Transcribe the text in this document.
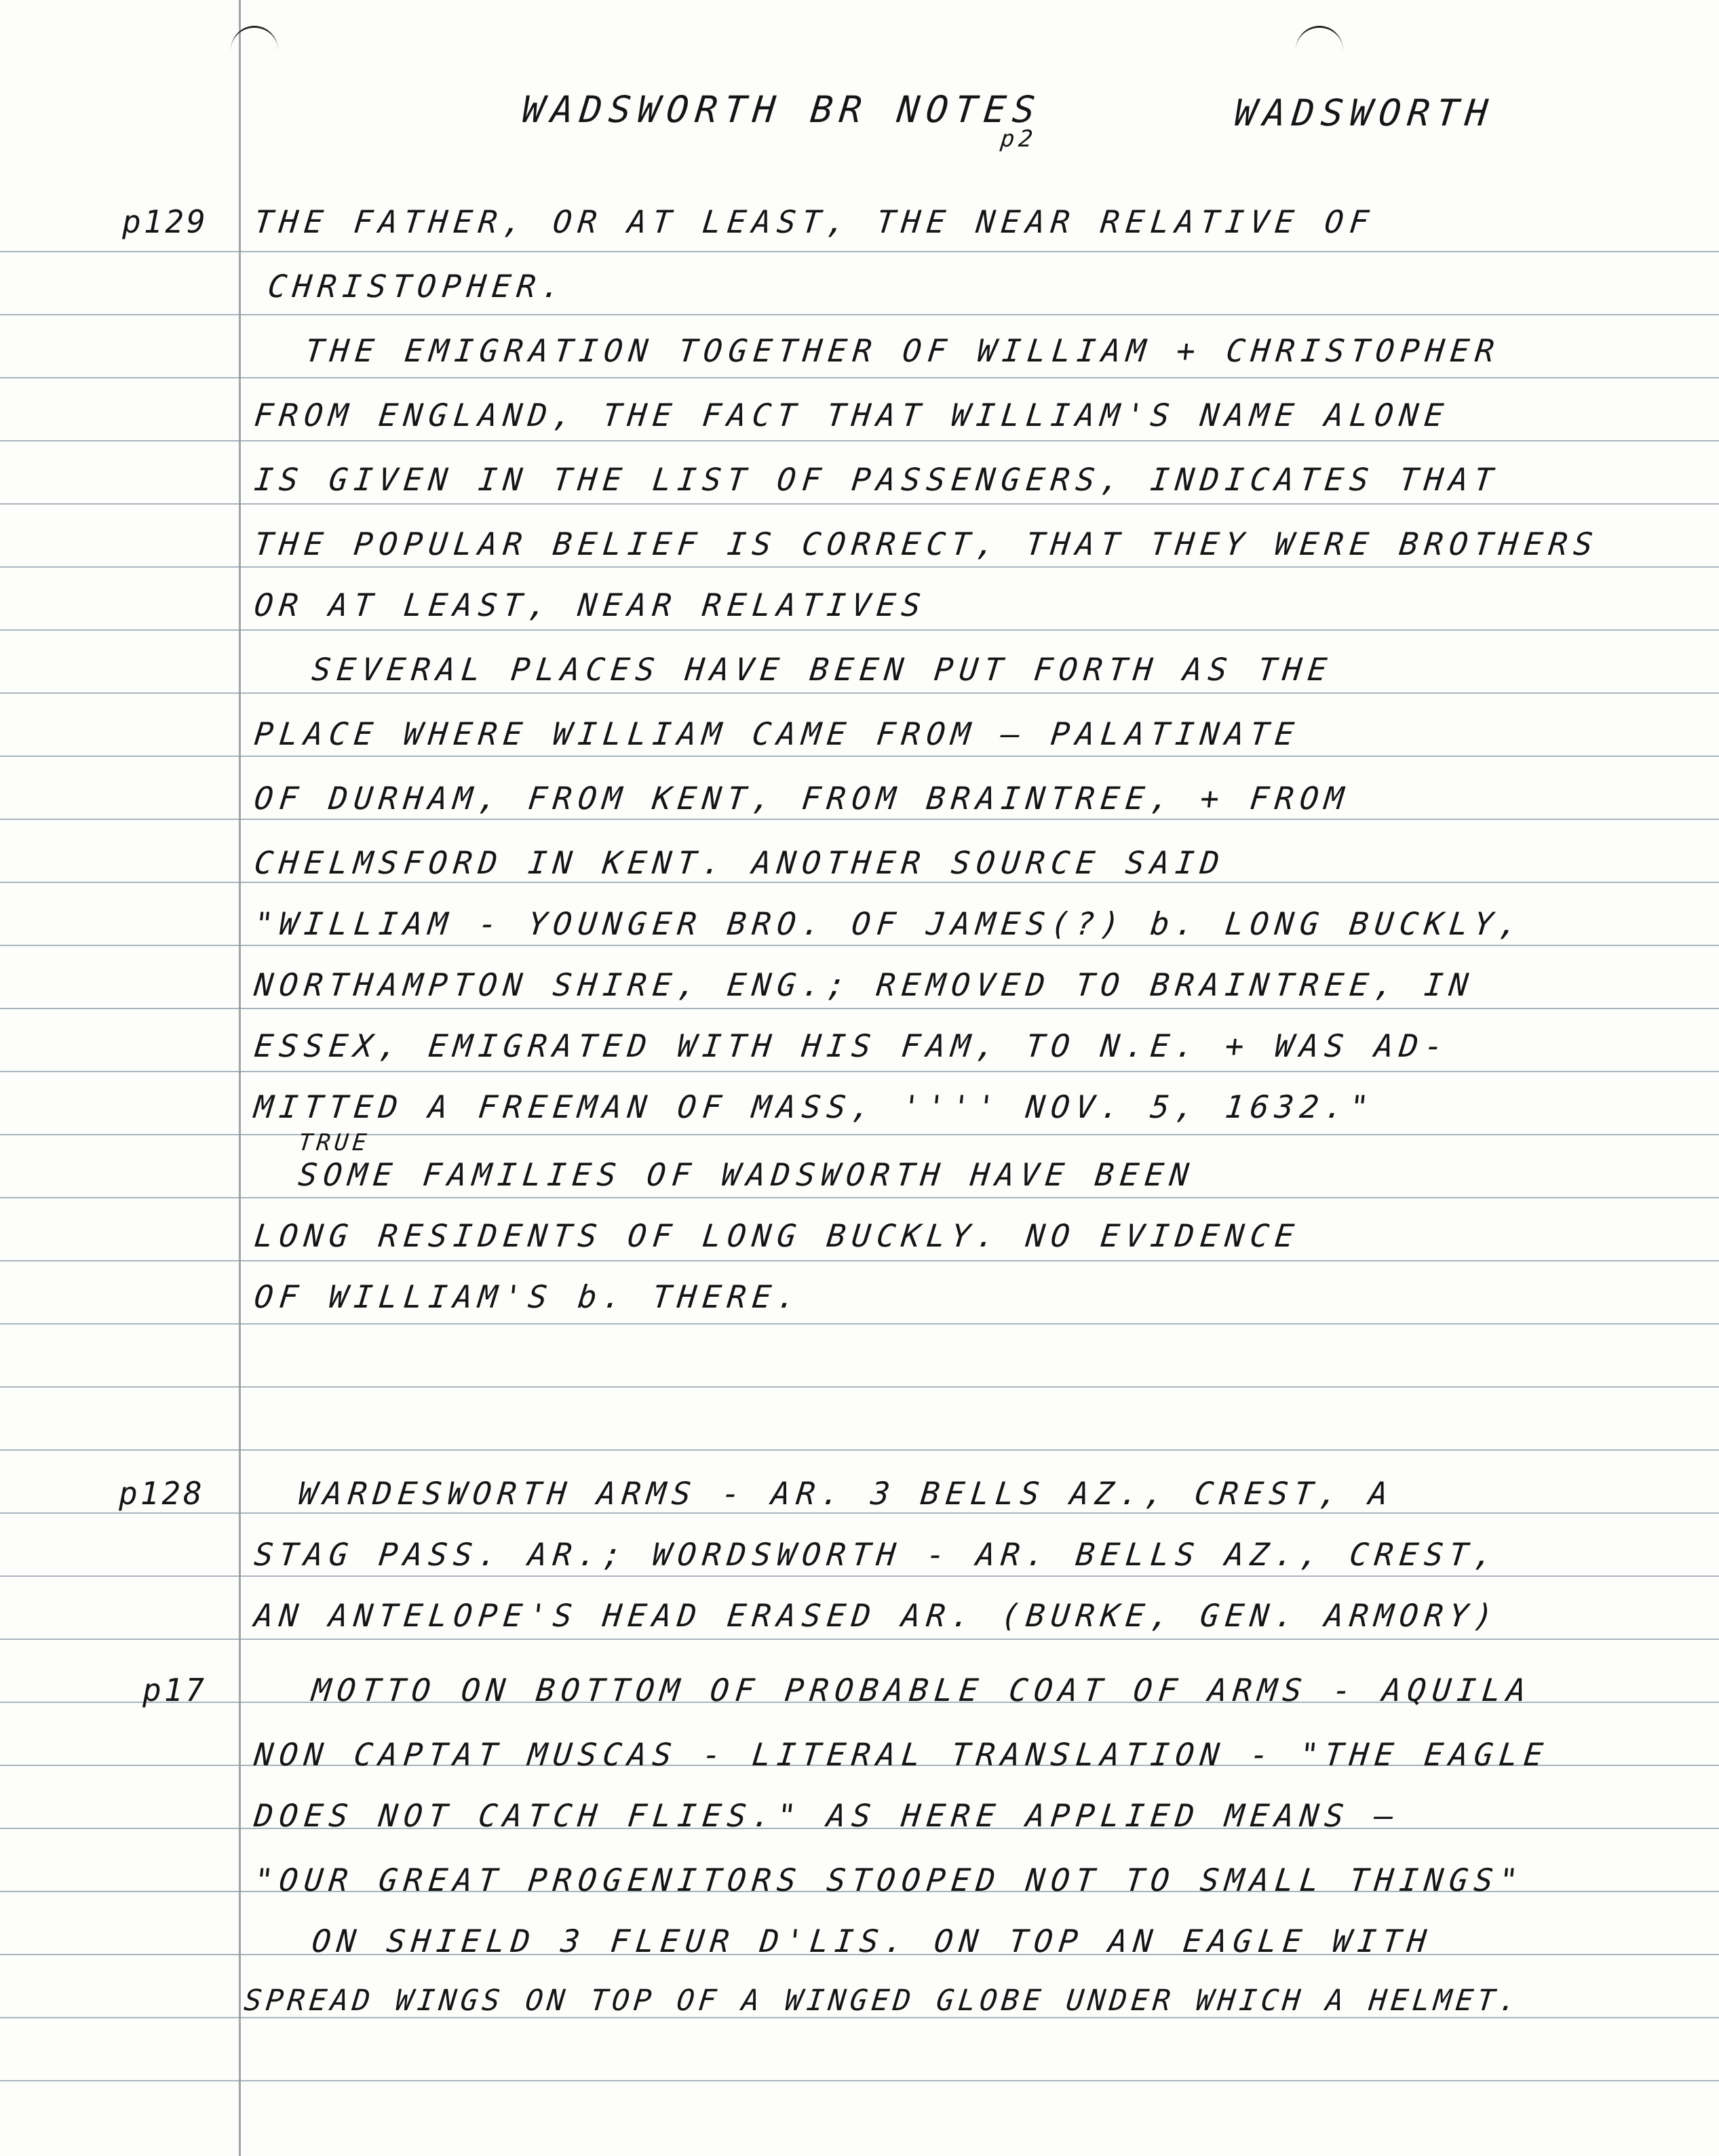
WADSWORTH BR NOTES
p2
WADSWORTH
p129
p128
p17
THE FATHER, OR AT LEAST, THE NEAR RELATIVE OF
CHRISTOPHER.
THE EMIGRATION TOGETHER OF WILLIAM + CHRISTOPHER
FROM ENGLAND, THE FACT THAT WILLIAM'S NAME ALONE
IS GIVEN IN THE LIST OF PASSENGERS, INDICATES THAT
THE POPULAR BELIEF IS CORRECT, THAT THEY WERE BROTHERS
OR AT LEAST, NEAR RELATIVES
SEVERAL PLACES HAVE BEEN PUT FORTH AS THE
PLACE WHERE WILLIAM CAME FROM — PALATINATE
OF DURHAM, FROM KENT, FROM BRAINTREE, + FROM
CHELMSFORD IN KENT. ANOTHER SOURCE SAID
"WILLIAM - YOUNGER BRO. OF JAMES(?) b. LONG BUCKLY,
NORTHAMPTON SHIRE, ENG.; REMOVED TO BRAINTREE, IN
ESSEX, EMIGRATED WITH HIS FAM, TO N.E. + WAS AD-
MITTED A FREEMAN OF MASS, '''' NOV. 5, 1632."
TRUE
SOME FAMILIES OF WADSWORTH HAVE BEEN
LONG RESIDENTS OF LONG BUCKLY. NO EVIDENCE
OF WILLIAM'S b. THERE.
WARDESWORTH ARMS - AR. 3 BELLS AZ., CREST, A
STAG PASS. AR.; WORDSWORTH - AR. BELLS AZ., CREST,
AN ANTELOPE'S HEAD ERASED AR. (BURKE, GEN. ARMORY)
MOTTO ON BOTTOM OF PROBABLE COAT OF ARMS - AQUILA
NON CAPTAT MUSCAS - LITERAL TRANSLATION - "THE EAGLE
DOES NOT CATCH FLIES." AS HERE APPLIED MEANS —
"OUR GREAT PROGENITORS STOOPED NOT TO SMALL THINGS"
ON SHIELD 3 FLEUR D'LIS. ON TOP AN EAGLE WITH
SPREAD WINGS ON TOP OF A WINGED GLOBE UNDER WHICH A HELMET.
